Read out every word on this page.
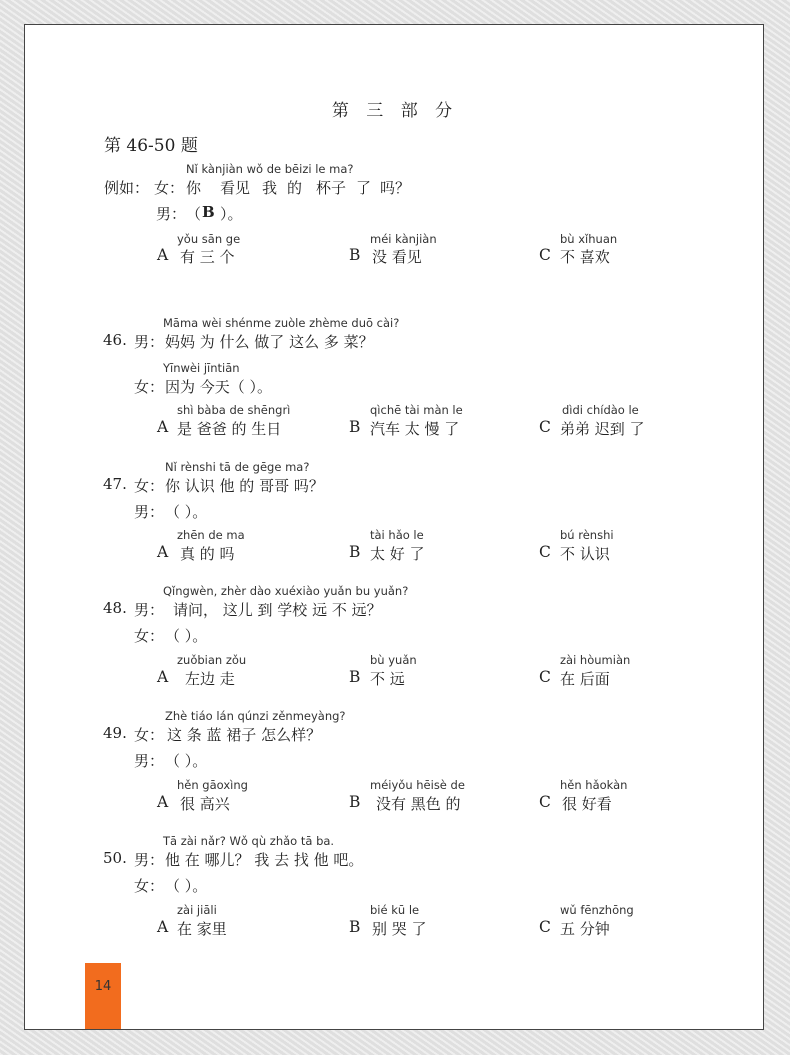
第 三 部 分
第 46-50 题
Nǐ kànjiàn wǒ de bēizi le ma?
例如： 女： 你 看见 我 的 杯子 了 吗？
男： （ B ）。
yǒu sān ge
A 有 三 个
méi kànjiàn
B 没 看见
bù xǐhuan
C 不 喜欢
Māma wèi shénme zuòle zhème duō cài?
46. 男： 妈妈 为 什么 做了 这么 多 菜？
Yīnwèi jīntiān
女： 因为 今天（ ）。
shì bàba de shēngrì
A 是 爸爸 的 生日
qìchē tài màn le
B 汽车 太 慢 了
dìdi chídào le
C 弟弟 迟到 了
Nǐ rènshi tā de gēge ma?
47. 女： 你 认识 他 的 哥哥 吗？
男： （ ）。
zhēn de ma
A 真 的 吗
tài hǎo le
B 太 好 了
bú rènshi
C 不 认识
Qǐngwèn, zhèr dào xuéxiào yuǎn bu yuǎn?
48. 男： 请问， 这儿 到 学校 远 不 远？
女： （ ）。
zuǒbian zǒu
A 左边 走
bù yuǎn
B 不 远
zài hòumiàn
C 在 后面
Zhè tiáo lán qúnzi zěnmeyàng?
49. 女： 这 条 蓝 裙子 怎么样？
男： （ ）。
hěn gāoxìng
A 很 高兴
méiyǒu hēisè de
B 没有 黑色 的
hěn hǎokàn
C 很 好看
Tā zài nǎr? Wǒ qù zhǎo tā ba.
50. 男： 他 在 哪儿？ 我 去 找 他 吧。
女： （ ）。
zài jiāli
A 在 家里
bié kū le
B 别 哭 了
wǔ fēnzhōng
C 五 分钟
14
